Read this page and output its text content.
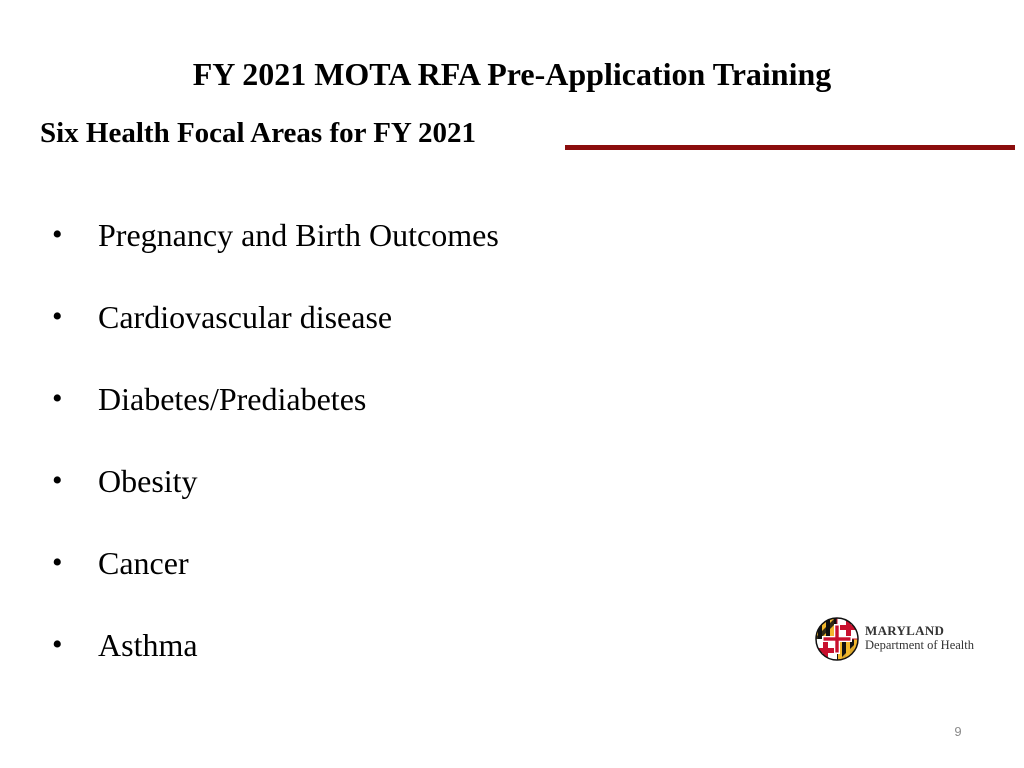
FY 2021 MOTA RFA Pre-Application Training
Six Health Focal Areas for FY 2021
• Pregnancy and Birth Outcomes
• Cardiovascular disease
• Diabetes/Prediabetes
• Obesity
• Cancer
• Asthma	MARYLAND
Department of Health
9
